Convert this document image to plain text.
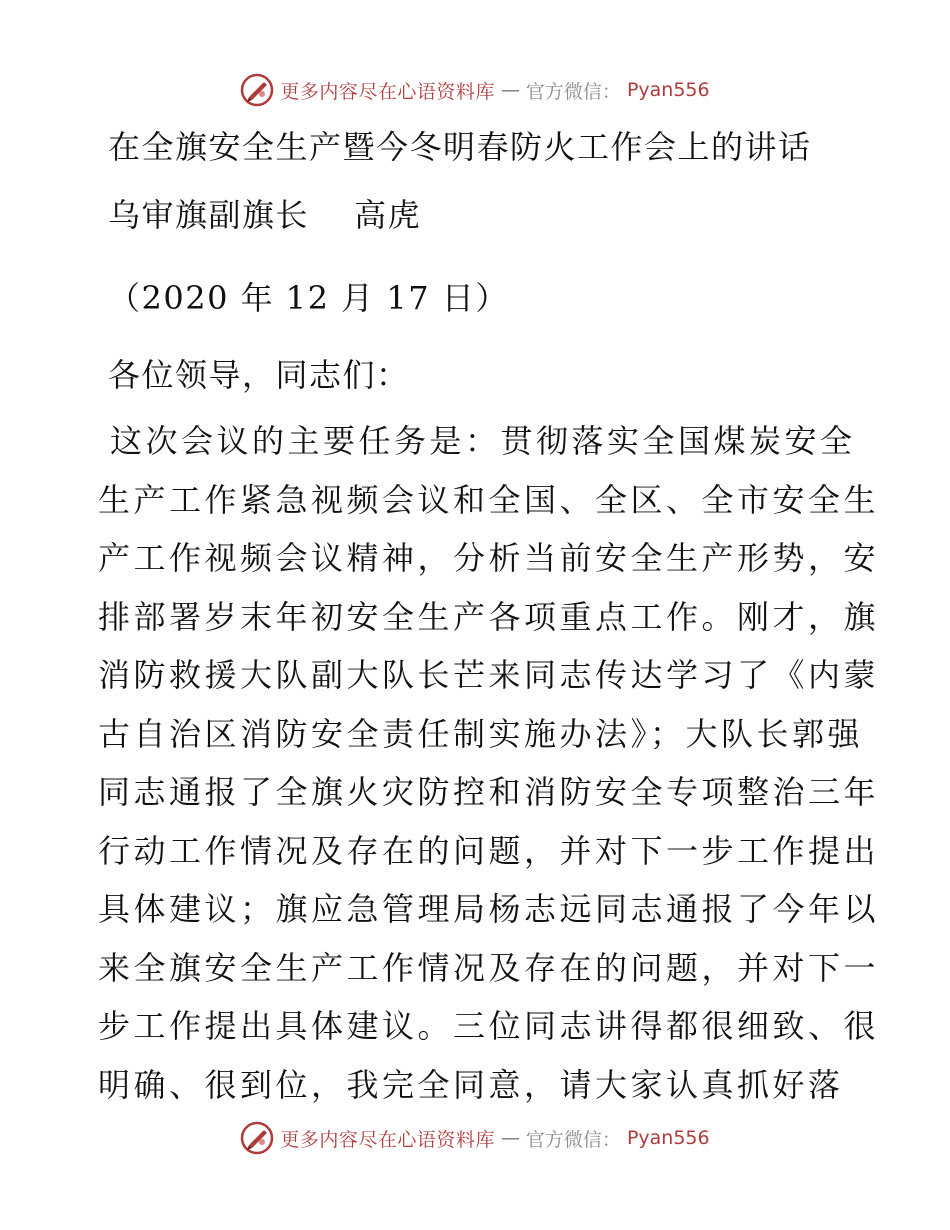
更多内容尽在心语资料库 — 官方微信： Pyan556
在全旗安全生产暨今冬明春防火工作会上的讲话
乌审旗副旗长　 高虎
（2020 年 12 月 17 日）
各位领导，同志们：
这次会议的主要任务是：贯彻落实全国煤炭安全
生产工作紧急视频会议和全国、全区、全市安全生
产工作视频会议精神，分析当前安全生产形势，安
排部署岁末年初安全生产各项重点工作。刚才，旗
消防救援大队副大队长芒来同志传达学习了《内蒙
古自治区消防安全责任制实施办法》；大队长郭强
同志通报了全旗火灾防控和消防安全专项整治三年
行动工作情况及存在的问题，并对下一步工作提出
具体建议；旗应急管理局杨志远同志通报了今年以
来全旗安全生产工作情况及存在的问题，并对下一
步工作提出具体建议。三位同志讲得都很细致、很
明确、很到位，我完全同意，请大家认真抓好落
更多内容尽在心语资料库 — 官方微信： Pyan556
